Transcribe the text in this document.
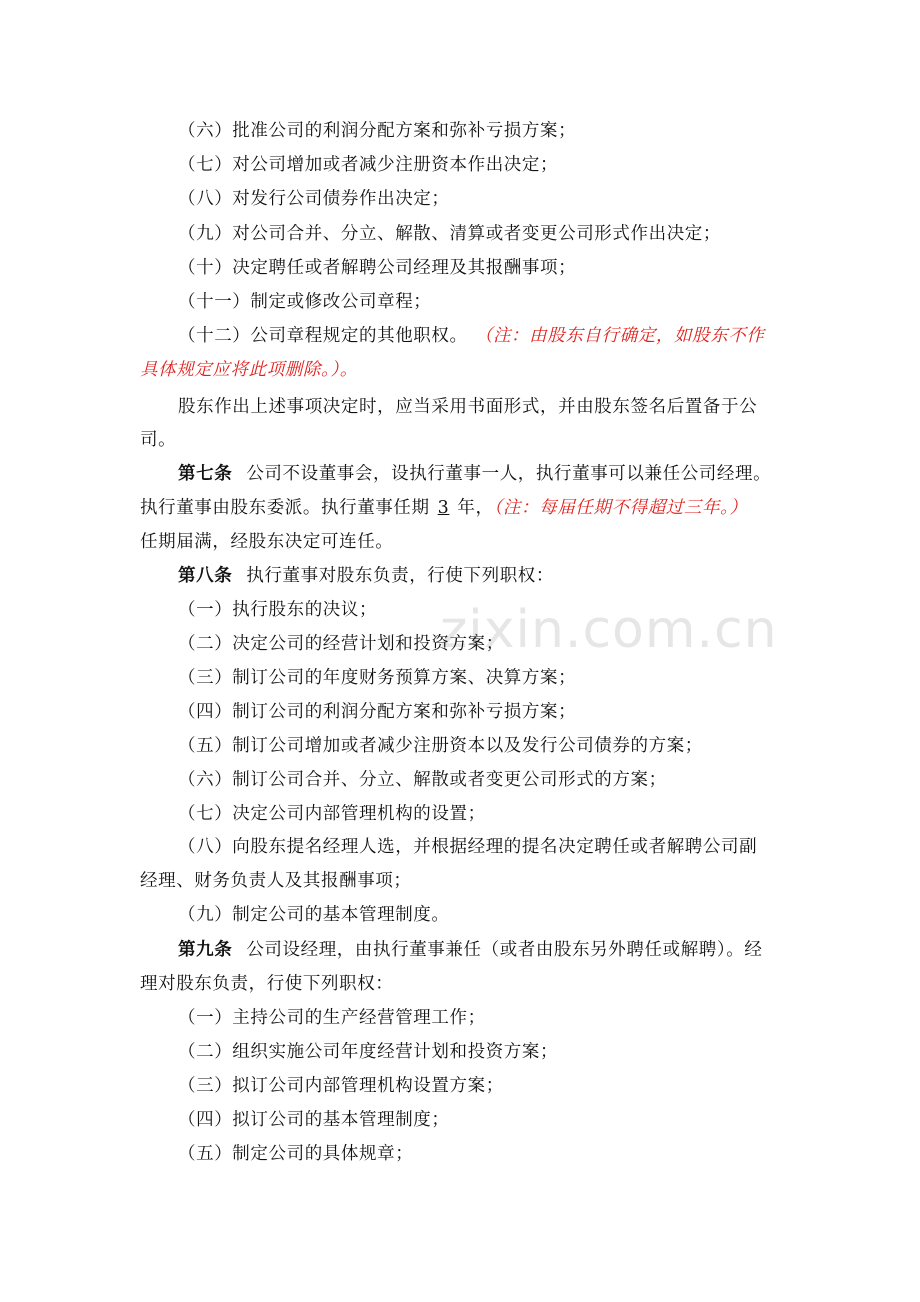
zixin.com.cn
（六）批准公司的利润分配方案和弥补亏损方案；
（七）对公司增加或者减少注册资本作出决定；
（八）对发行公司债券作出决定；
（九）对公司合并、分立、解散、清算或者变更公司形式作出决定；
（十）决定聘任或者解聘公司经理及其报酬事项；
（十一）制定或修改公司章程；
（十二）公司章程规定的其他职权。 （注：由股东自行确定，如股东不作
具体规定应将此项删除。）。
股东作出上述事项决定时，应当采用书面形式，并由股东签名后置备于公
司。
第七条 公司不设董事会，设执行董事一人，执行董事可以兼任公司经理。
执行董事由股东委派。执行董事任期 3 年，（注：每届任期不得超过三年。）
任期届满，经股东决定可连任。
第八条 执行董事对股东负责，行使下列职权：
（一）执行股东的决议；
（二）决定公司的经营计划和投资方案；
（三）制订公司的年度财务预算方案、决算方案；
（四）制订公司的利润分配方案和弥补亏损方案；
（五）制订公司增加或者减少注册资本以及发行公司债券的方案；
（六）制订公司合并、分立、解散或者变更公司形式的方案；
（七）决定公司内部管理机构的设置；
（八）向股东提名经理人选，并根据经理的提名决定聘任或者解聘公司副
经理、财务负责人及其报酬事项；
（九）制定公司的基本管理制度。
第九条 公司设经理，由执行董事兼任（或者由股东另外聘任或解聘）。经
理对股东负责，行使下列职权：
（一）主持公司的生产经营管理工作；
（二）组织实施公司年度经营计划和投资方案；
（三）拟订公司内部管理机构设置方案；
（四）拟订公司的基本管理制度；
（五）制定公司的具体规章；
